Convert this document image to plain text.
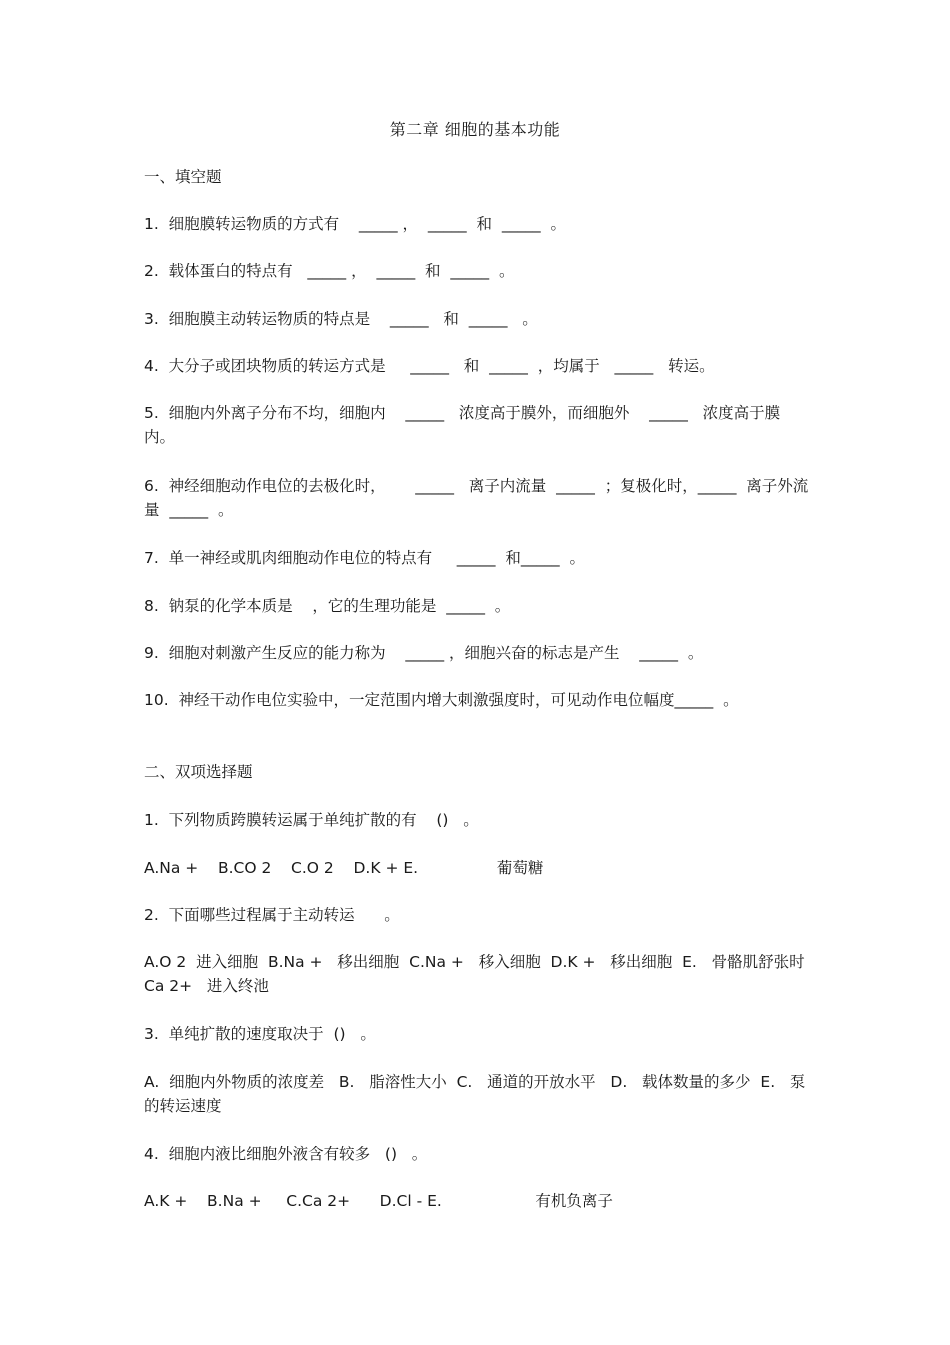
第二章 细胞的基本功能
一、填空题
1.  细胞膜转运物质的方式有    _____ ，  _____  和  _____  。
2.  载体蛋白的特点有   _____ ，  _____  和  _____  。
3.  细胞膜主动转运物质的特点是    _____   和  _____   。
4.  大分子或团块物质的转运方式是     _____   和  _____  ，均属于   _____   转运。
5.  细胞内外离子分布不均，细胞内    _____   浓度高于膜外，而细胞外    _____   浓度高于膜内。
6.  神经细胞动作电位的去极化时，      _____   离子内流量  _____  ；复极化时，_____  离子外流量  _____  。
7.  单一神经或肌肉细胞动作电位的特点有     _____  和_____  。
8.  钠泵的化学本质是    ，它的生理功能是  _____  。
9.  细胞对刺激产生反应的能力称为    _____ ，细胞兴奋的标志是产生    _____  。
10.  神经干动作电位实验中，一定范围内增大刺激强度时，可见动作电位幅度_____  。
二、双项选择题
1.  下列物质跨膜转运属于单纯扩散的有    ()   。
A.Na +    B.CO 2    C.O 2    D.K + E.                葡萄糖
2.  下面哪些过程属于主动转运      。
A.O 2  进入细胞  B.Na +   移出细胞  C.Na +   移入细胞  D.K +   移出细胞  E.   骨骼肌舒张时  Ca 2+   进入终池
3.  单纯扩散的速度取决于  ()   。
A.  细胞内外物质的浓度差   B.   脂溶性大小  C.   通道的开放水平   D.   载体数量的多少  E.   泵的转运速度
4.  细胞内液比细胞外液含有较多   ()   。
A.K +    B.Na +     C.Ca 2+      D.Cl - E.                   有机负离子
